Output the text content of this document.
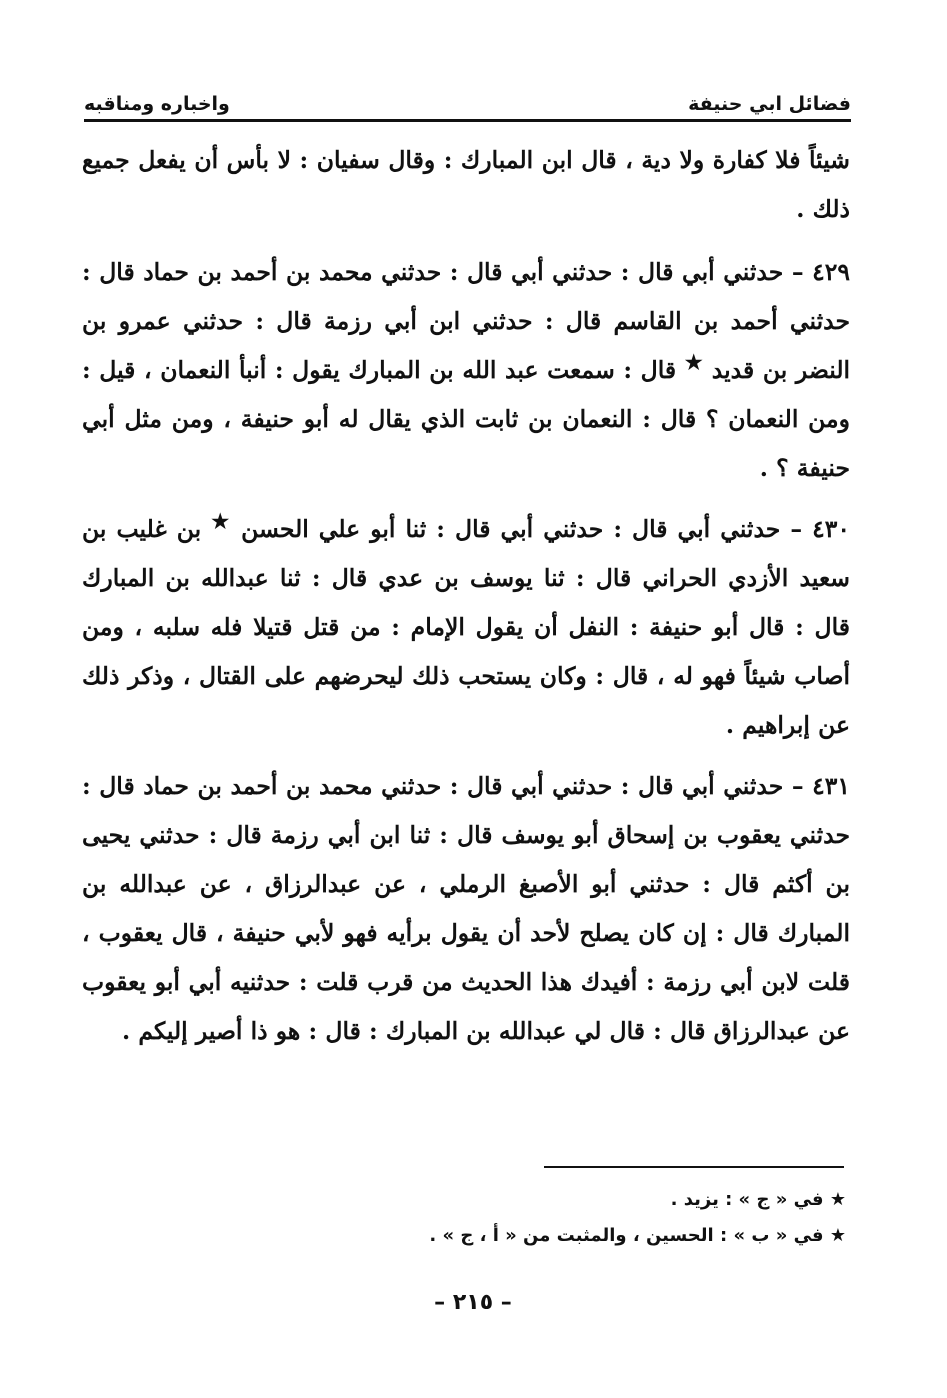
فضائل ابي حنيفة
واخباره ومناقبه

شيئاً فلا كفارة ولا دية ، قال ابن المبارك : وقال سفيان : لا بأس أن يفعل جميع ذلك .

٤٢٩ – حدثني أبي قال : حدثني أبي قال : حدثني محمد بن أحمد بن حماد قال : حدثني أحمد بن القاسم قال : حدثني ابن أبي رزمة قال : حدثني عمرو بن النضر بن قديد ★ قال : سمعت عبد الله بن المبارك يقول : أنبأ النعمان ، قيل : ومن النعمان ؟ قال : النعمان بن ثابت الذي يقال له أبو حنيفة ، ومن مثل أبي حنيفة ؟ .

٤٣٠ – حدثني أبي قال : حدثني أبي قال : ثنا أبو علي الحسن ★ بن غليب بن سعيد الأزدي الحراني قال : ثنا يوسف بن عدي قال : ثنا عبدالله بن المبارك قال : قال أبو حنيفة : النفل أن يقول الإمام : من قتل قتيلا فله سلبه ، ومن أصاب شيئاً فهو له ، قال : وكان يستحب ذلك ليحرضهم على القتال ، وذكر ذلك عن إبراهيم .

٤٣١ – حدثني أبي قال : حدثني أبي قال : حدثني محمد بن أحمد بن حماد قال : حدثني يعقوب بن إسحاق أبو يوسف قال : ثنا ابن أبي رزمة قال : حدثني يحيى بن أكثم قال : حدثني أبو الأصبغ الرملي ، عن عبدالرزاق ، عن عبدالله بن المبارك قال : إن كان يصلح لأحد أن يقول برأيه فهو لأبي حنيفة ، قال يعقوب ، قلت لابن أبي رزمة : أفيدك هذا الحديث من قرب قلت : حدثنيه أبي أبو يعقوب عن عبدالرزاق قال : قال لي عبدالله بن المبارك : قال : هو ذا أصير إليكم .

★ في « ج » : يزيد .
★ في « ب » : الحسين ، والمثبت من « أ ، ج » .
– ٢١٥ –
